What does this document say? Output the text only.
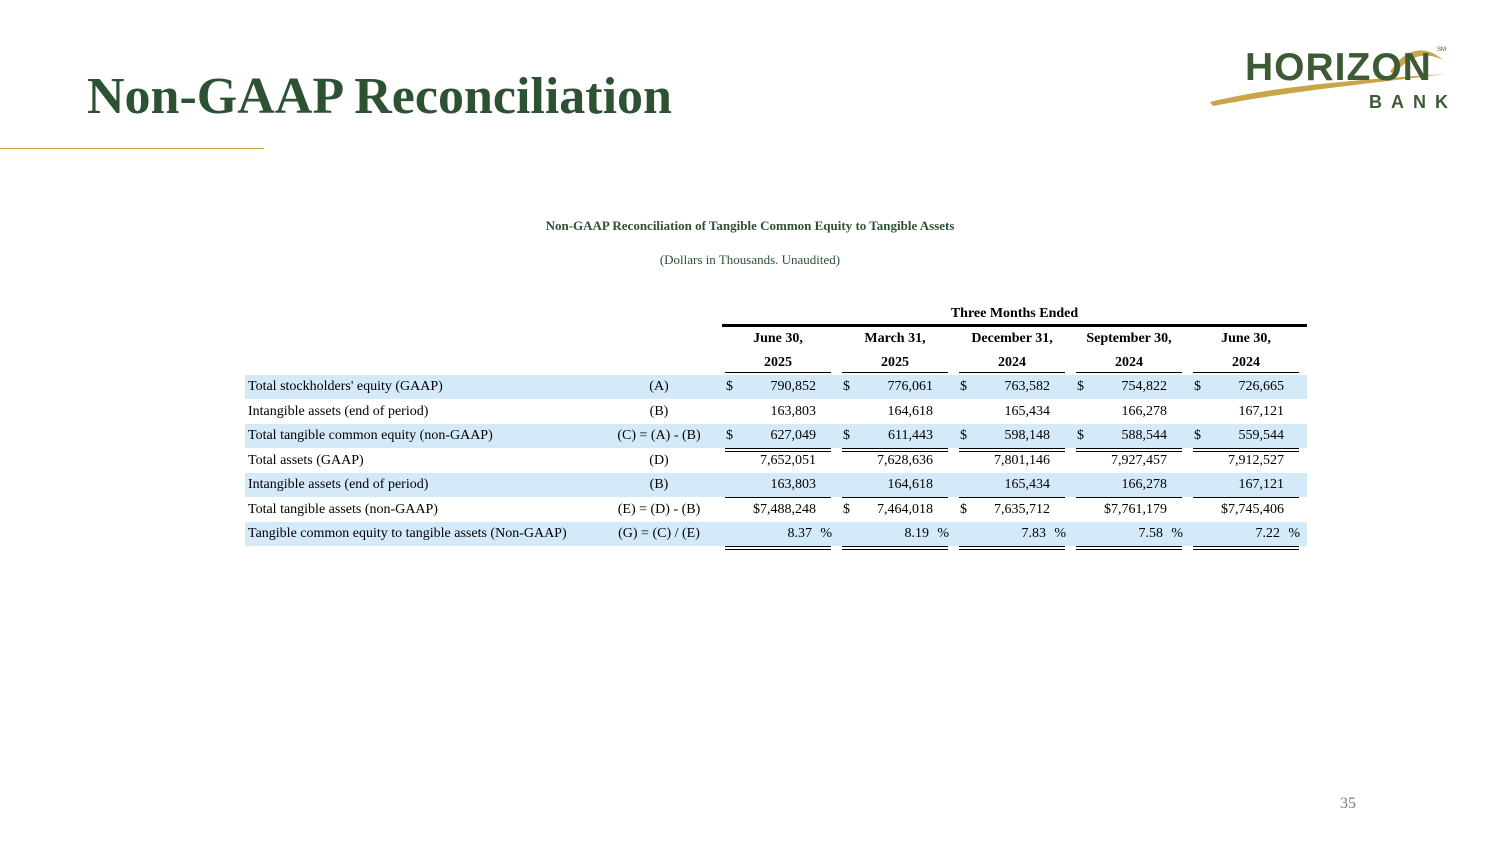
Non-GAAP Reconciliation
HORIZON SM
BANK
Non-GAAP Reconciliation of Tangible Common Equity to Tangible Assets
(Dollars in Thousands. Unaudited)
Three Months Ended
June 30,
2025
March 31,
2025
December 31,
2024
September 30,
2024
June 30,
2024
Total stockholders' equity (GAAP)	(A)	$	790,852 $	776,061 $	763,582 $	754,822 $	726,665
Intangible assets (end of period)	(B)	163,803	164,618	165,434	166,278	167,121
Total tangible common equity (non-GAAP)	(C) = (A) - (B)	$	627,049 $	611,443 $	598,148 $	588,544 $	559,544
Total assets (GAAP)	(D)	7,652,051	7,628,636	7,801,146	7,927,457	7,912,527
Intangible assets (end of period)	(B)	163,803	164,618	165,434	166,278	167,121
Total tangible assets (non-GAAP)	(E) = (D) - (B)	$7,488,248 $ 7,464,018 $ 7,635,712	$7,761,179	$7,745,406
Tangible common equity to tangible assets (Non-GAAP)	(G) = (C) / (E)	8.37 %	8.19 %	7.83 %	7.58 %	7.22 %
35
